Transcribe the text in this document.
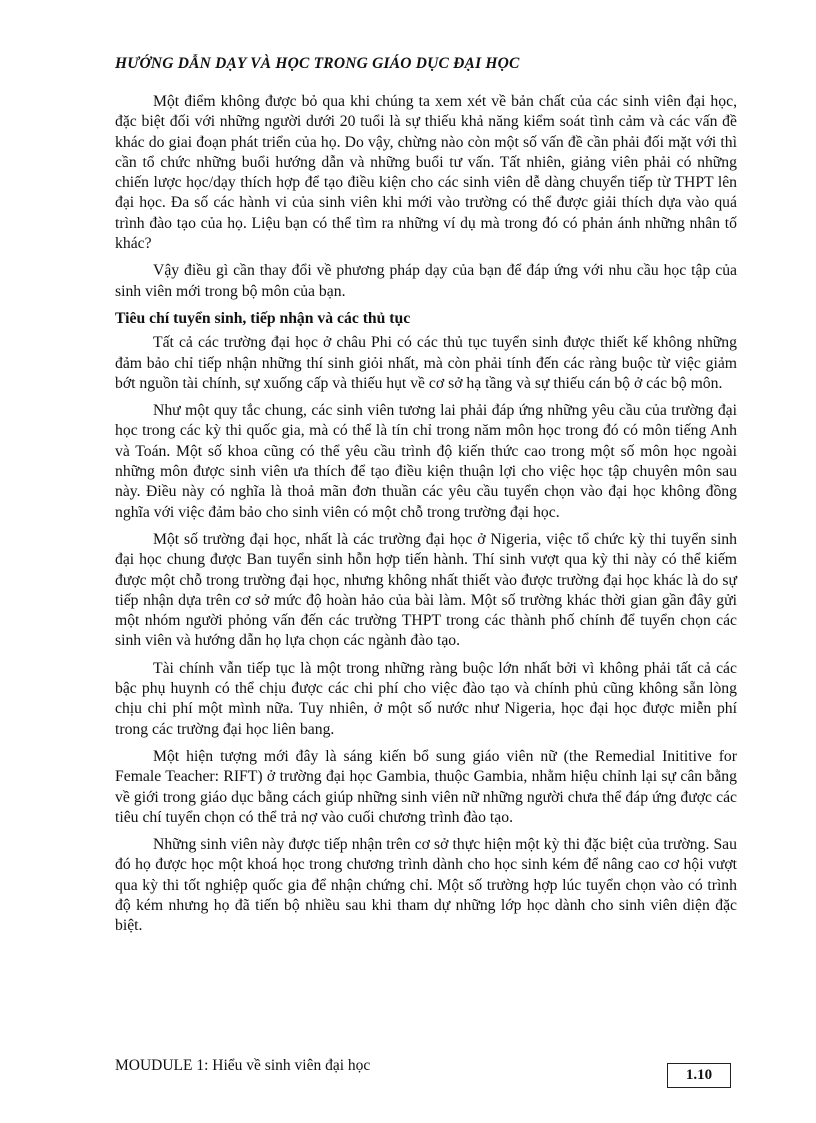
HƯỚNG DẪN DẠY VÀ HỌC TRONG GIÁO DỤC ĐẠI HỌC

Một điểm không được bỏ qua khi chúng ta xem xét về bản chất của các sinh viên đại học, đặc biệt đối với những người dưới 20 tuổi là sự thiếu khả năng kiểm soát tình cảm và các vấn đề khác do giai đoạn phát triển của họ. Do vậy, chừng nào còn một số vấn đề cần phải đối mặt với thì cần tổ chức những buổi hướng dẫn và những buổi tư vấn. Tất nhiên, giảng viên phải có những chiến lược học/dạy thích hợp để tạo điều kiện cho các sinh viên dễ dàng chuyển tiếp từ THPT lên đại học. Đa số các hành vi của sinh viên khi mới vào trường có thể được giải thích dựa vào quá trình đào tạo của họ. Liệu bạn có thể tìm ra những ví dụ mà trong đó có phản ánh những nhân tố khác?

Vậy điều gì cần thay đổi về phương pháp dạy của bạn để đáp ứng với nhu cầu học tập của sinh viên mới trong bộ môn của bạn.

Tiêu chí tuyển sinh, tiếp nhận và các thủ tục

Tất cả các trường đại học ở châu Phi có các thủ tục tuyển sinh được thiết kế không những đảm bảo chỉ tiếp nhận những thí sinh giỏi nhất, mà còn phải tính đến các ràng buộc từ việc giảm bớt nguồn tài chính, sự xuống cấp và thiếu hụt về cơ sở hạ tầng và sự thiếu cán bộ ở các bộ môn.

Như một quy tắc chung, các sinh viên tương lai phải đáp ứng những yêu cầu của trường đại học trong các kỳ thi quốc gia, mà có thể là tín chỉ trong năm môn học trong đó có môn tiếng Anh và Toán. Một số khoa cũng có thể yêu cầu trình độ kiến thức cao trong một số môn học ngoài những môn được sinh viên ưa thích để tạo điều kiện thuận lợi cho việc học tập chuyên môn sau này. Điều này có nghĩa là thoả mãn đơn thuần các yêu cầu tuyển chọn vào đại học không đồng nghĩa với việc đảm bảo cho sinh viên có một chỗ trong trường đại học.

Một số trường đại học, nhất là các trường đại học ở Nigeria, việc tổ chức kỳ thi tuyển sinh đại học chung được Ban tuyển sinh hỗn hợp tiến hành. Thí sinh vượt qua kỳ thi này có thể kiếm được một chỗ trong trường đại học, nhưng không nhất thiết vào được trường đại học khác là do sự tiếp nhận dựa trên cơ sở mức độ hoàn hảo của bài làm. Một số trường khác thời gian gần đây gửi một nhóm người phỏng vấn đến các trường THPT trong các thành phố chính để tuyển chọn các sinh viên và hướng dẫn họ lựa chọn các ngành đào tạo.

Tài chính vẫn tiếp tục là một trong những ràng buộc lớn nhất bởi vì không phải tất cả các bậc phụ huynh có thể chịu được các chi phí cho việc đào tạo và chính phủ cũng không sẵn lòng chịu chi phí một mình nữa. Tuy nhiên, ở một số nước như Nigeria, học đại học được miễn phí trong các trường đại học liên bang.

Một hiện tượng mới đây là sáng kiến bổ sung giáo viên nữ (the Remedial Inititive for Female Teacher: RIFT) ở trường đại học Gambia, thuộc Gambia, nhằm hiệu chỉnh lại sự cân bằng về giới trong giáo dục bằng cách giúp những sinh viên nữ những người chưa thể đáp ứng được các tiêu chí tuyển chọn có thể trả nợ vào cuối chương trình đào tạo.

Những sinh viên này được tiếp nhận trên cơ sở thực hiện một kỳ thi đặc biệt của trường. Sau đó họ được học một khoá học trong chương trình dành cho học sinh kém để nâng cao cơ hội vượt qua kỳ thi tốt nghiệp quốc gia để nhận chứng chỉ. Một số trường hợp lúc tuyển chọn vào có trình độ kém nhưng họ đã tiến bộ nhiều sau khi tham dự những lớp học dành cho sinh viên diện đặc biệt.

MOUDULE 1: Hiểu về sinh viên đại học
1.10
